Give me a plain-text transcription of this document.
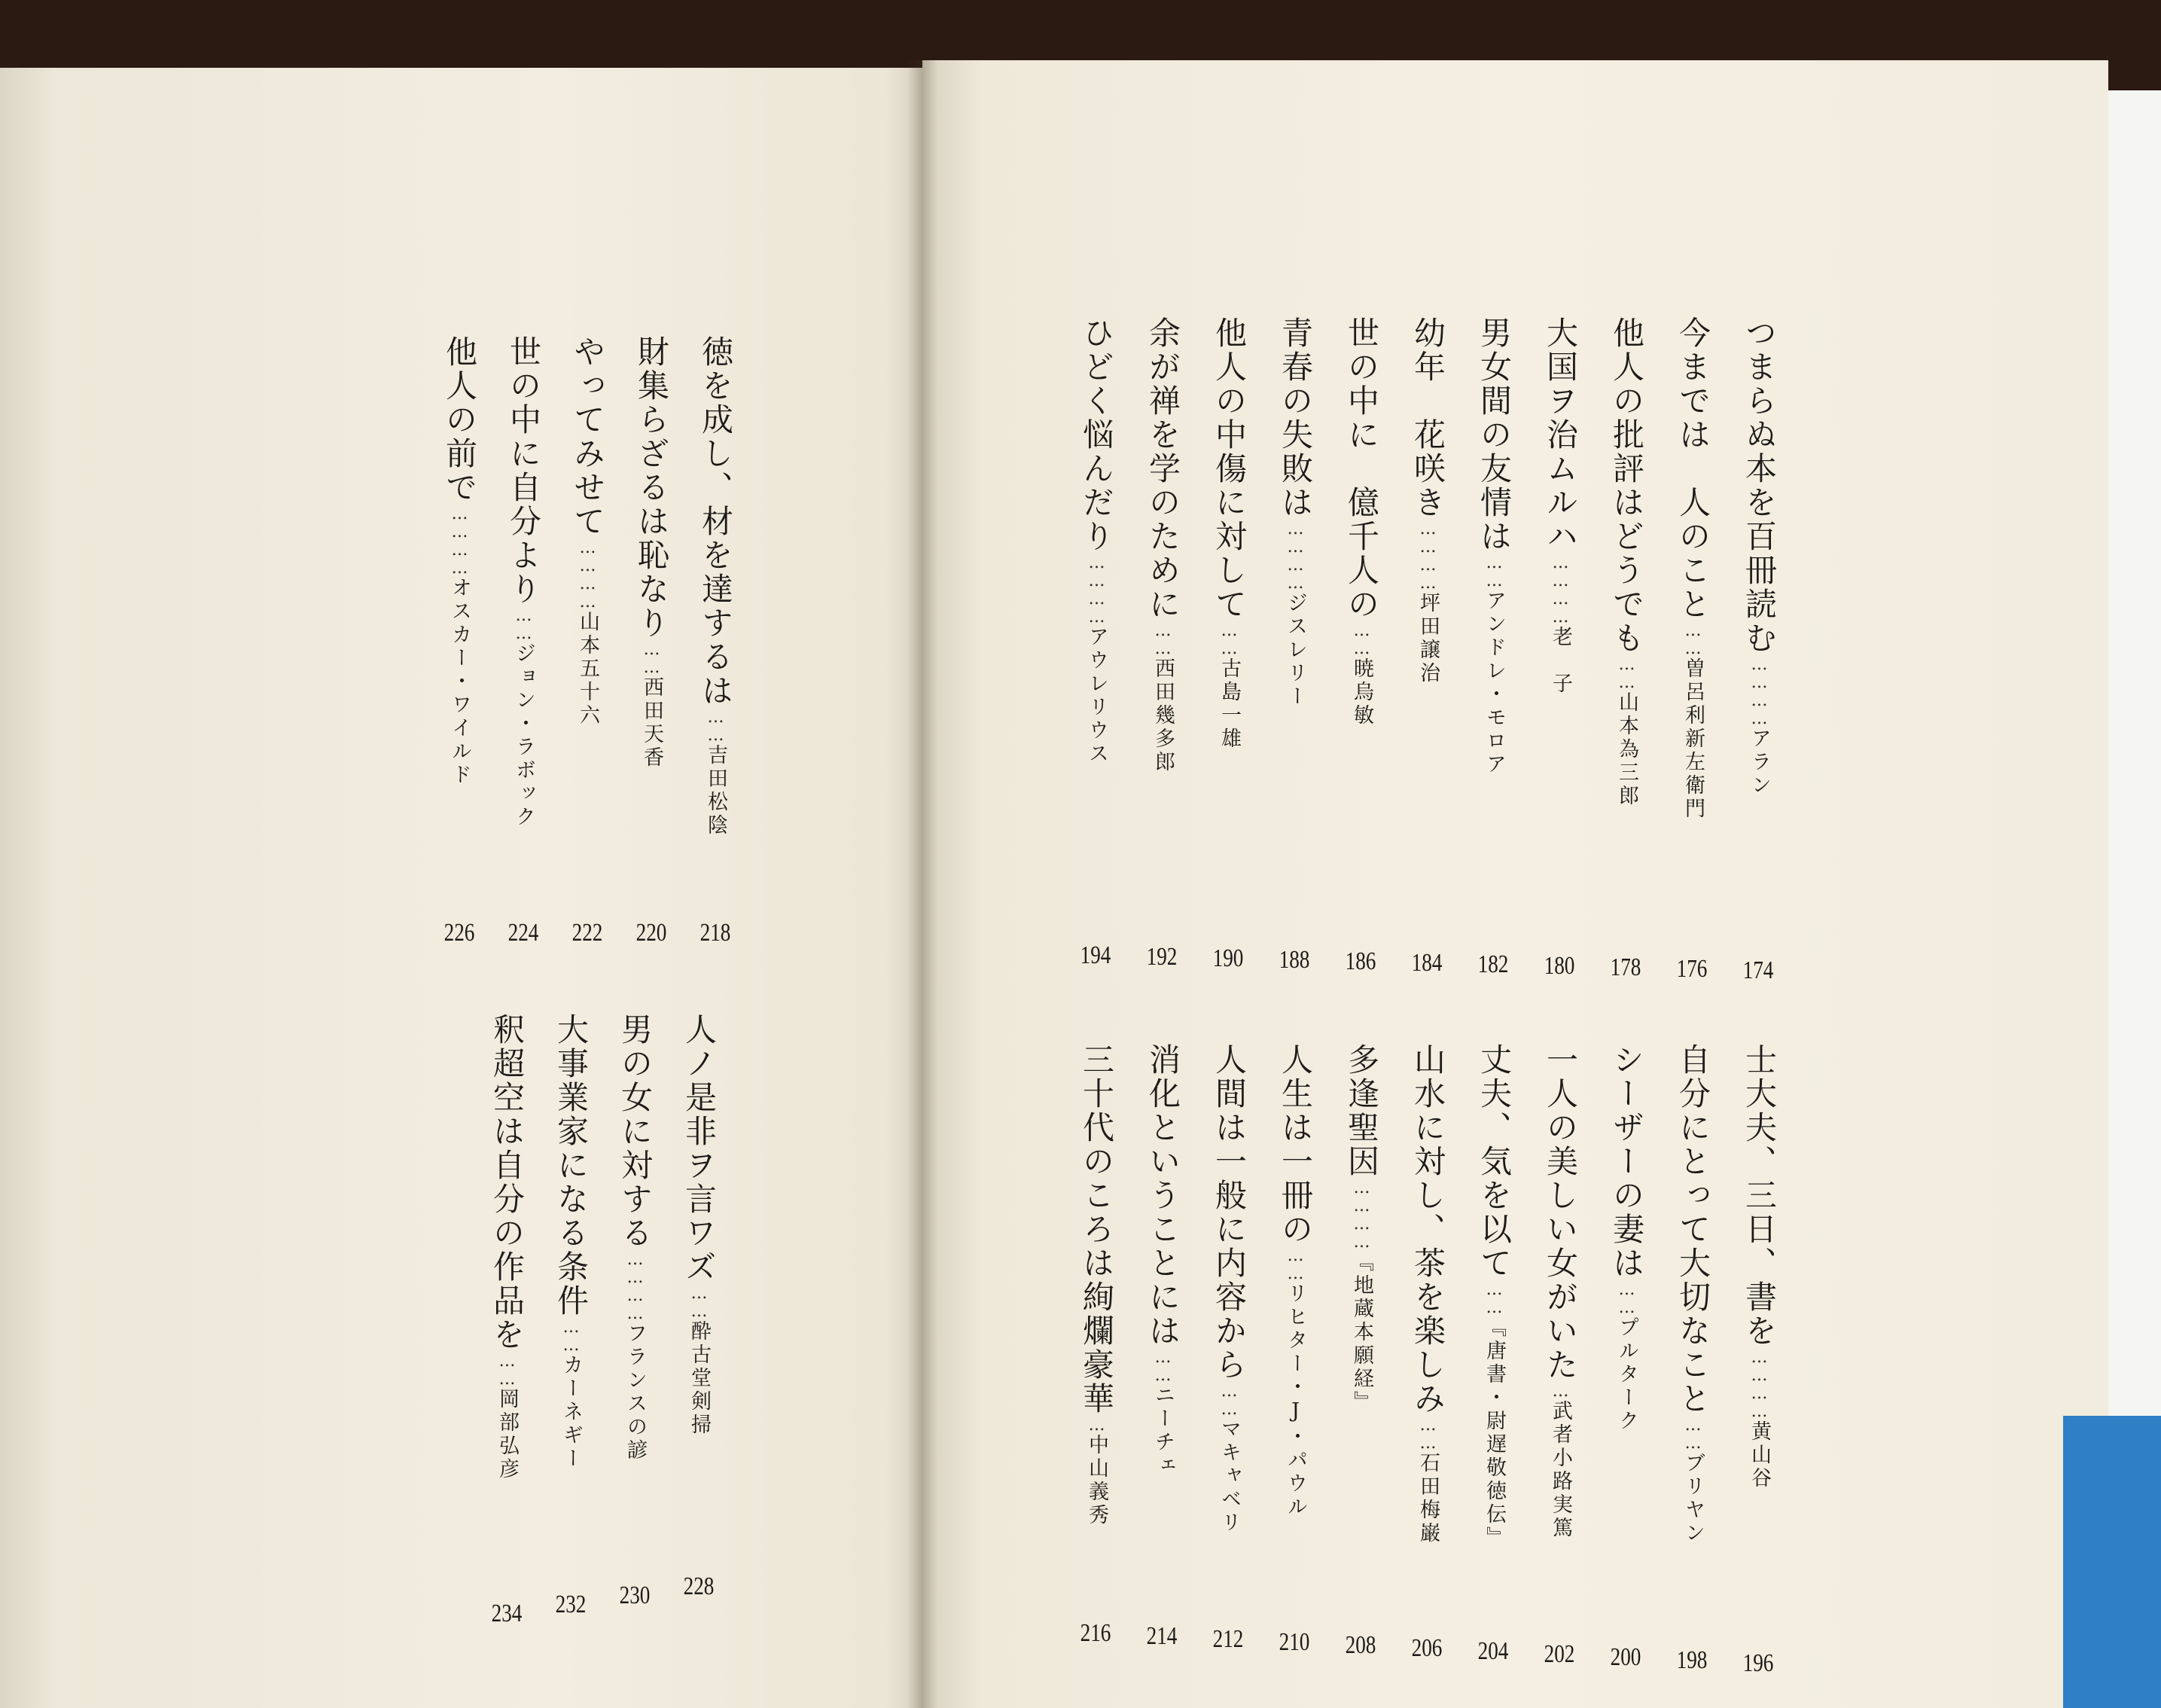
つまらぬ本を百冊読む…………アラン
174
今までは　人のこと……曽呂利新左衛門
176
他人の批評はどうでも……山本為三郎
178
大国ヲ治ムルハ…………老　子
180
男女間の友情は……アンドレ・モロア
182
幼年　花咲き…………坪田譲治
184
世の中に　億千人の……暁烏敏
186
青春の失敗は…………ジスレリー
188
他人の中傷に対して……古島一雄
190
余が禅を学のために……西田幾多郎
192
ひどく悩んだり…………アウレリウス
194
士大夫、三日、書を…………黄山谷
196
自分にとって大切なこと……ブリヤン
198
シーザーの妻は……プルターク
200
一人の美しい女がいた…武者小路実篤
202
丈夫、気を以て……『唐書・尉遅敬徳伝』
204
山水に対し、茶を楽しみ……石田梅巌
206
多逢聖因…………『地蔵本願経』
208
人生は一冊の……リヒター・J・パウル
210
人間は一般に内容から……マキャベリ
212
消化ということには……ニーチェ
214
三十代のころは絢爛豪華…中山義秀
216
徳を成し、材を達するは……吉田松陰
218
財集らざるは恥なり……西田天香
220
やってみせて…………山本五十六
222
世の中に自分より……ジョン・ラボック
224
他人の前で…………オスカー・ワイルド
226
人ノ是非ヲ言ワズ……酔古堂剣掃
228
男の女に対する…………フランスの諺
230
大事業家になる条件……カーネギー
232
釈超空は自分の作品を……岡部弘彦
234
